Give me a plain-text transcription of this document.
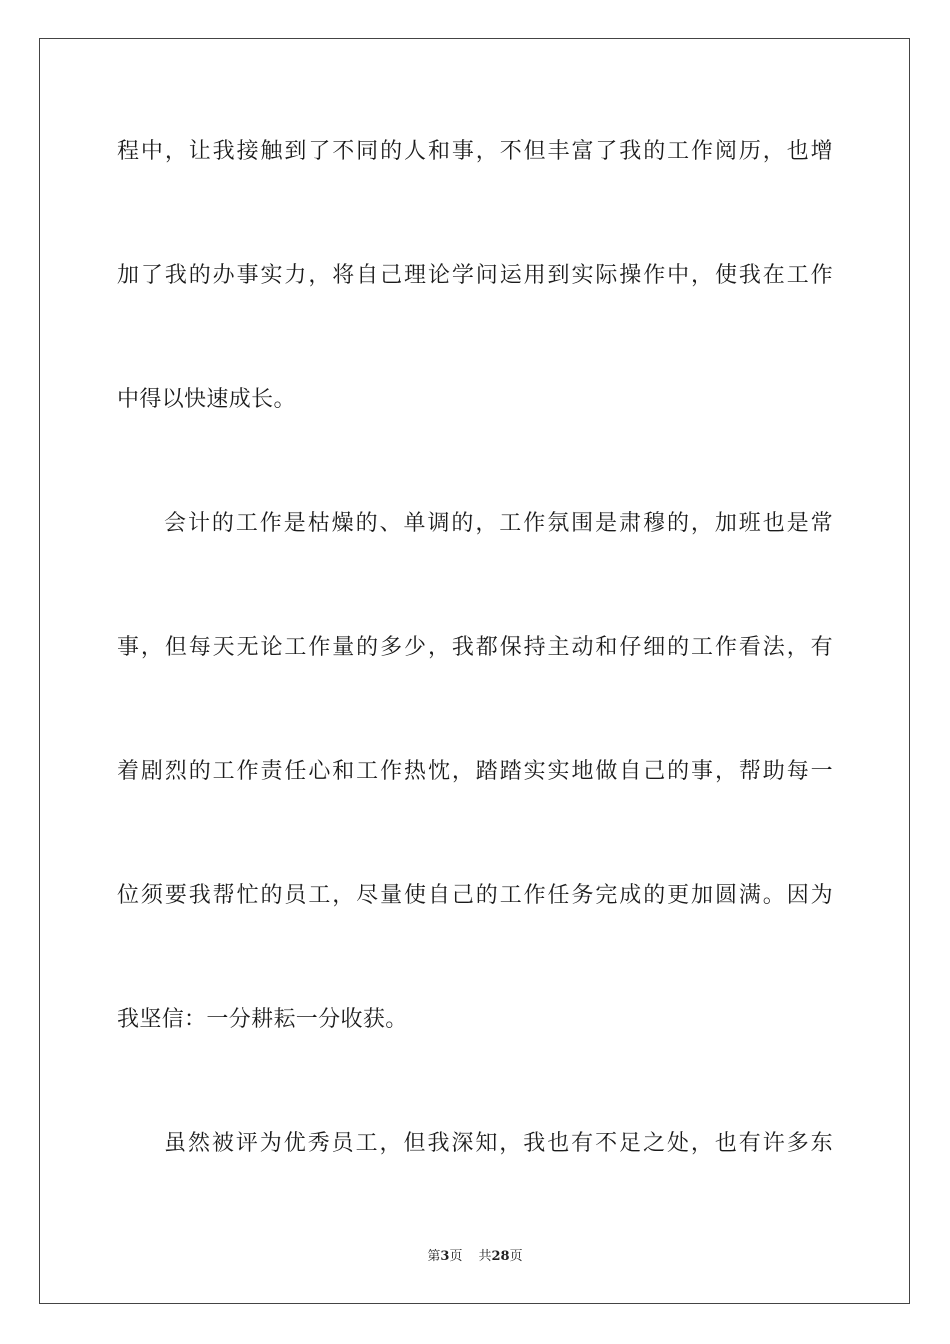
程中，让我接触到了不同的人和事，不但丰富了我的工作阅历，也增
加了我的办事实力，将自己理论学问运用到实际操作中，使我在工作
中得以快速成长。
会计的工作是枯燥的、单调的，工作氛围是肃穆的，加班也是常
事，但每天无论工作量的多少，我都保持主动和仔细的工作看法，有
着剧烈的工作责任心和工作热忱，踏踏实实地做自己的事，帮助每一
位须要我帮忙的员工，尽量使自己的工作任务完成的更加圆满。因为
我坚信：一分耕耘一分收获。
虽然被评为优秀员工，但我深知，我也有不足之处，也有许多东
第3页 共28页
